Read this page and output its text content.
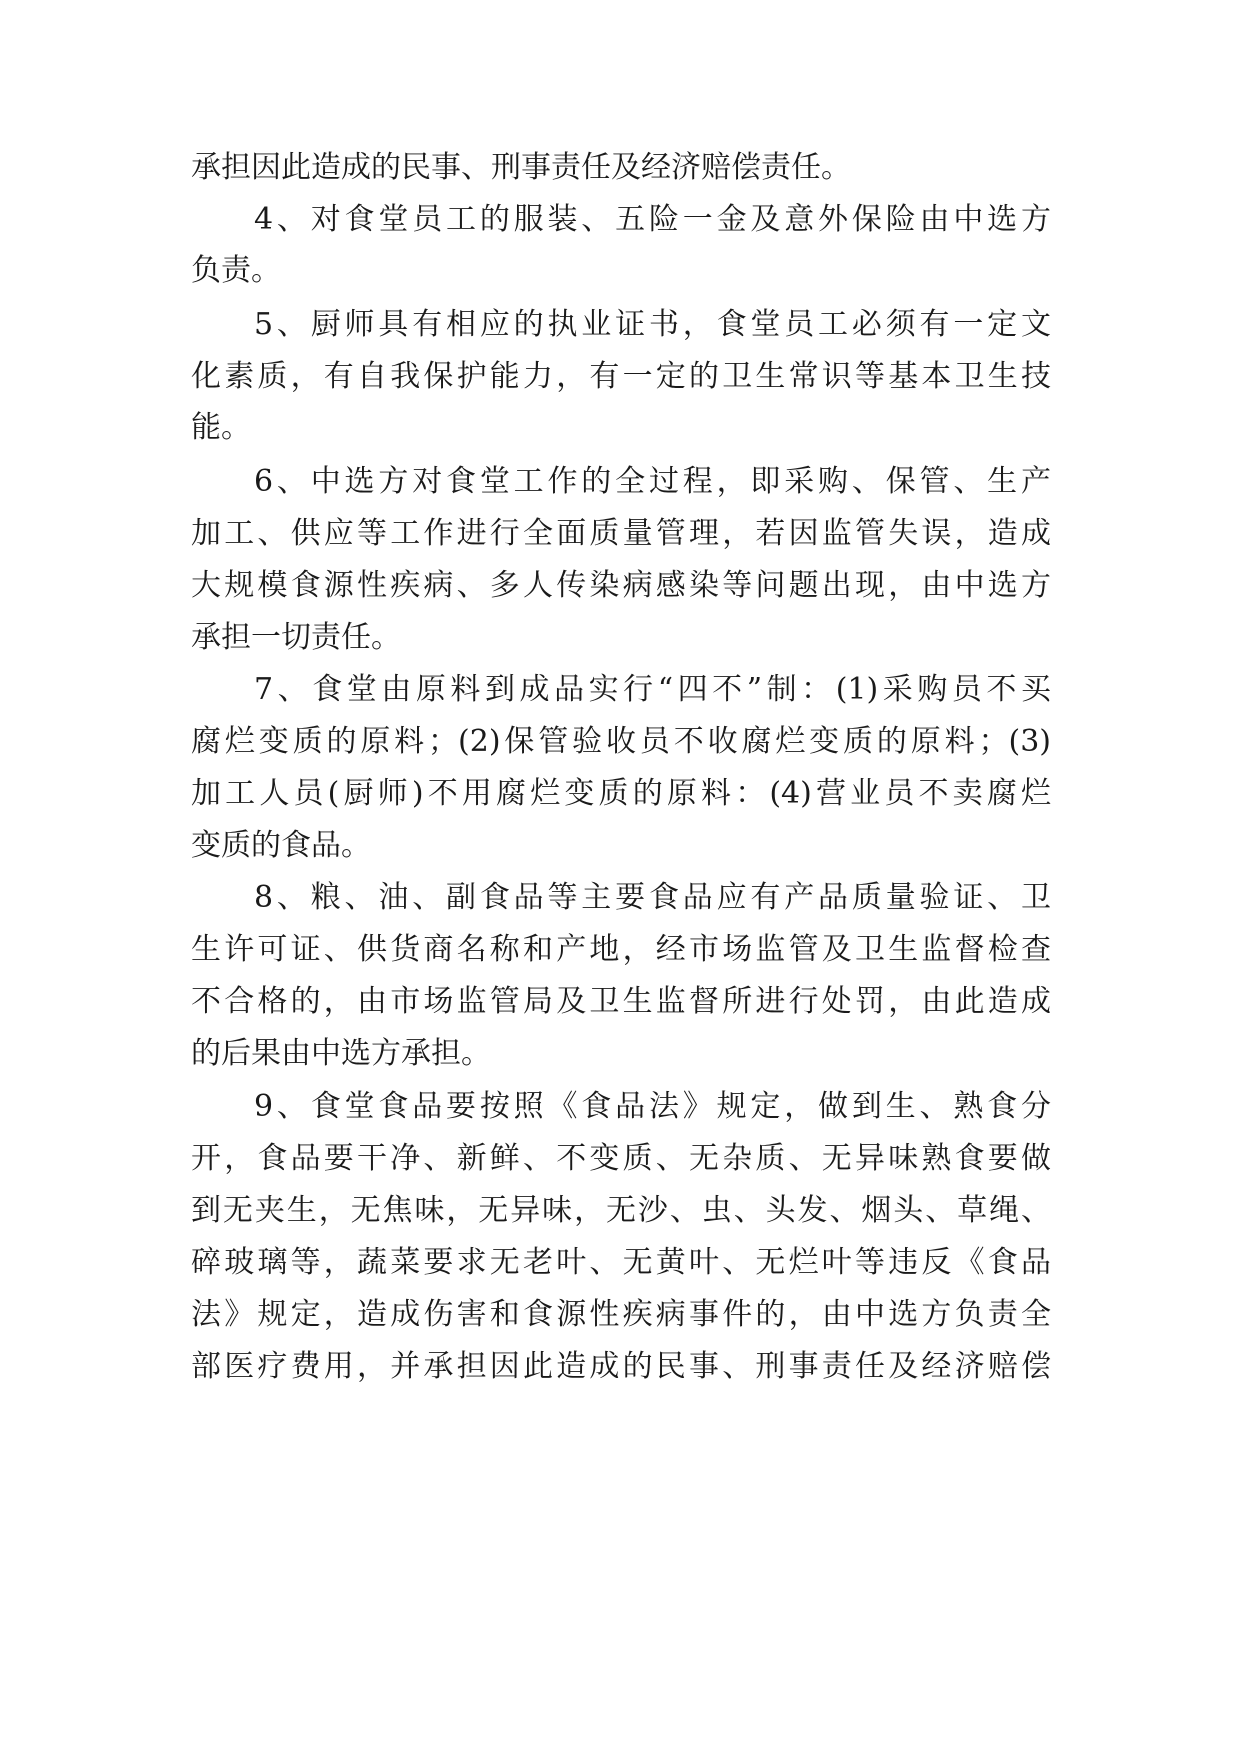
承担因此造成的民事、刑事责任及经济赔偿责任。
4、对食堂员工的服装、五险一金及意外保险由中选方
负责。
5、厨师具有相应的执业证书，食堂员工必须有一定文
化素质，有自我保护能力，有一定的卫生常识等基本卫生技
能。
6、中选方对食堂工作的全过程，即采购、保管、生产
加工、供应等工作进行全面质量管理，若因监管失误，造成
大规模食源性疾病、多人传染病感染等问题出现，由中选方
承担一切责任。
7、食堂由原料到成品实行“四不”制：(1)采购员不买
腐烂变质的原料；(2)保管验收员不收腐烂变质的原料；(3)
加工人员(厨师)不用腐烂变质的原料：(4)营业员不卖腐烂
变质的食品。
8、粮、油、副食品等主要食品应有产品质量验证、卫
生许可证、供货商名称和产地，经市场监管及卫生监督检查
不合格的，由市场监管局及卫生监督所进行处罚，由此造成
的后果由中选方承担。
9、食堂食品要按照《食品法》规定，做到生、熟食分
开，食品要干净、新鲜、不变质、无杂质、无异味熟食要做
到无夹生，无焦味，无异味，无沙、虫、头发、烟头、草绳、
碎玻璃等，蔬菜要求无老叶、无黄叶、无烂叶等违反《食品
法》规定，造成伤害和食源性疾病事件的，由中选方负责全
部医疗费用，并承担因此造成的民事、刑事责任及经济赔偿
